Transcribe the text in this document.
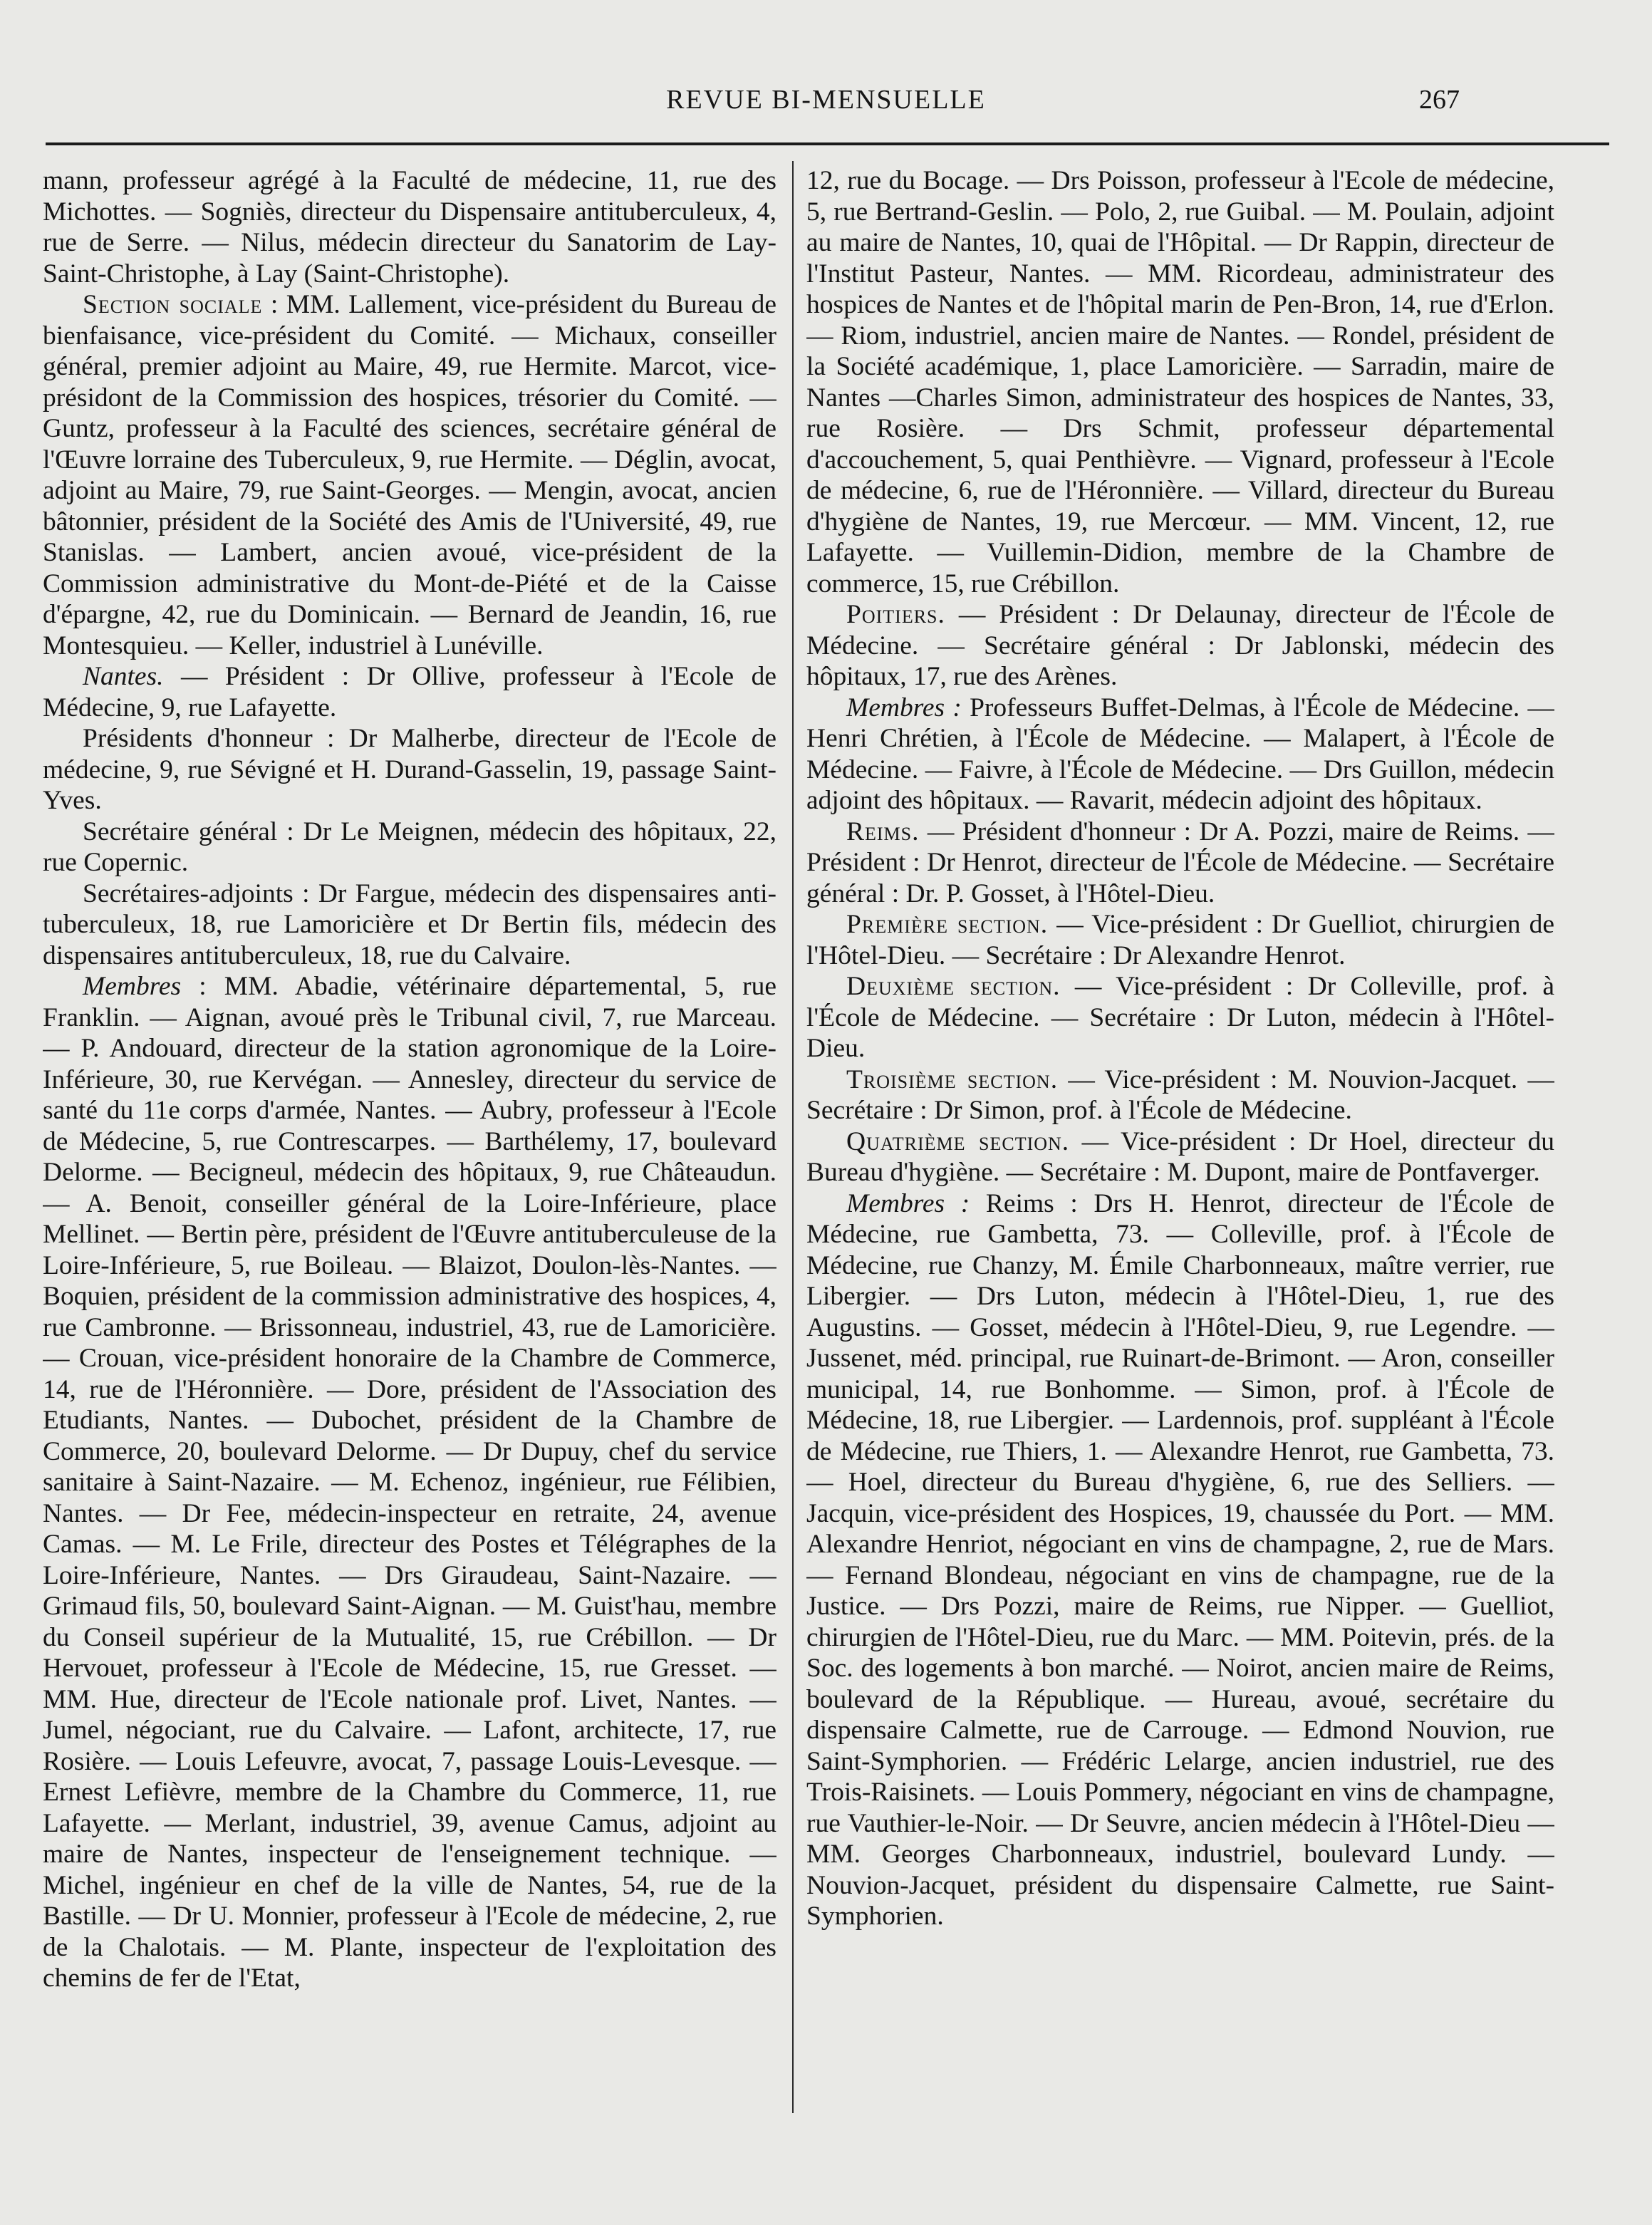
REVUE BI-MENSUELLE	267

mann, professeur agrégé à la Faculté de médecine, 11, rue des Michottes. — Sogniès, directeur du Dispensaire antituberculeux, 4, rue de Serre. — Nilus, médecin directeur du Sanatorim de Lay-Saint-Christophe, à Lay (Saint-Christophe).

Section sociale : MM. Lallement, vice-président du Bureau de bienfaisance, vice-président du Comité. — Michaux, conseiller général, premier adjoint au Maire, 49, rue Hermite. Marcot, vice-présidont de la Commission des hospices, trésorier du Comité. — Guntz, professeur à la Faculté des sciences, secrétaire général de l'Œuvre lorraine des Tuberculeux, 9, rue Hermite. — Déglin, avocat, adjoint au Maire, 79, rue Saint-Georges. — Mengin, avocat, ancien bâtonnier, président de la Société des Amis de l'Université, 49, rue Stanislas. — Lambert, ancien avoué, vice-président de la Commission administrative du Mont-de-Piété et de la Caisse d'épargne, 42, rue du Dominicain. — Bernard de Jeandin, 16, rue Montesquieu. — Keller, industriel à Lunéville.

Nantes. — Président : Dr Ollive, professeur à l'Ecole de Médecine, 9, rue Lafayette.

Présidents d'honneur : Dr Malherbe, directeur de l'Ecole de médecine, 9, rue Sévigné et H. Durand-Gasselin, 19, passage Saint-Yves.

Secrétaire général : Dr Le Meignen, médecin des hôpitaux, 22, rue Copernic.

Secrétaires-adjoints : Dr Fargue, médecin des dispensaires anti-tuberculeux, 18, rue Lamoricière et Dr Bertin fils, médecin des dispensaires antituberculeux, 18, rue du Calvaire.

Membres : MM. Abadie, vétérinaire départemental, 5, rue Franklin. — Aignan, avoué près le Tribunal civil, 7, rue Marceau. — P. Andouard, directeur de la station agronomique de la Loire-Inférieure, 30, rue Kervégan. — Annesley, directeur du service de santé du 11e corps d'armée, Nantes. — Aubry, professeur à l'Ecole de Médecine, 5, rue Contrescarpes. — Barthélemy, 17, boulevard Delorme. — Becigneul, médecin des hôpitaux, 9, rue Châteaudun. — A. Benoit, conseiller général de la Loire-Inférieure, place Mellinet. — Bertin père, président de l'Œuvre antituberculeuse de la Loire-Inférieure, 5, rue Boileau. — Blaizot, Doulon-lès-Nantes. — Boquien, président de la commission administrative des hospices, 4, rue Cambronne. — Brissonneau, industriel, 43, rue de Lamoricière. — Crouan, vice-président honoraire de la Chambre de Commerce, 14, rue de l'Héronnière. — Dore, président de l'Association des Etudiants, Nantes. — Dubochet, président de la Chambre de Commerce, 20, boulevard Delorme. — Dr Dupuy, chef du service sanitaire à Saint-Nazaire. — M. Echenoz, ingénieur, rue Félibien, Nantes. — Dr Fee, médecin-inspecteur en retraite, 24, avenue Camas. — M. Le Frile, directeur des Postes et Télégraphes de la Loire-Inférieure, Nantes. — Drs Giraudeau, Saint-Nazaire. — Grimaud fils, 50, boulevard Saint-Aignan. — M. Guist'hau, membre du Conseil supérieur de la Mutualité, 15, rue Crébillon. — Dr Hervouet, professeur à l'Ecole de Médecine, 15, rue Gresset. — MM. Hue, directeur de l'Ecole nationale prof. Livet, Nantes. — Jumel, négociant, rue du Calvaire. — Lafont, architecte, 17, rue Rosière. — Louis Lefeuvre, avocat, 7, passage Louis-Levesque. — Ernest Lefièvre, membre de la Chambre du Commerce, 11, rue Lafayette. — Merlant, industriel, 39, avenue Camus, adjoint au maire de Nantes, inspecteur de l'enseignement technique. — Michel, ingénieur en chef de la ville de Nantes, 54, rue de la Bastille. — Dr U. Monnier, professeur à l'Ecole de médecine, 2, rue de la Chalotais. — M. Plante, inspecteur de l'exploitation des chemins de fer de l'Etat,

12, rue du Bocage. — Drs Poisson, professeur à l'Ecole de médecine, 5, rue Bertrand-Geslin. — Polo, 2, rue Guibal. — M. Poulain, adjoint au maire de Nantes, 10, quai de l'Hôpital. — Dr Rappin, directeur de l'Institut Pasteur, Nantes. — MM. Ricordeau, administrateur des hospices de Nantes et de l'hôpital marin de Pen-Bron, 14, rue d'Erlon. — Riom, industriel, ancien maire de Nantes. — Rondel, président de la Société académique, 1, place Lamoricière. — Sarradin, maire de Nantes —Charles Simon, administrateur des hospices de Nantes, 33, rue Rosière. — Drs Schmit, professeur départemental d'accouchement, 5, quai Penthièvre. — Vignard, professeur à l'Ecole de médecine, 6, rue de l'Héronnière. — Villard, directeur du Bureau d'hygiène de Nantes, 19, rue Mercœur. — MM. Vincent, 12, rue Lafayette. — Vuillemin-Didion, membre de la Chambre de commerce, 15, rue Crébillon.

Poitiers. — Président : Dr Delaunay, directeur de l'École de Médecine. — Secrétaire général : Dr Jablonski, médecin des hôpitaux, 17, rue des Arènes.

Membres : Professeurs Buffet-Delmas, à l'École de Médecine. — Henri Chrétien, à l'École de Médecine. — Malapert, à l'École de Médecine. — Faivre, à l'École de Médecine. — Drs Guillon, médecin adjoint des hôpitaux. — Ravarit, médecin adjoint des hôpitaux.

Reims. — Président d'honneur : Dr A. Pozzi, maire de Reims. — Président : Dr Henrot, directeur de l'École de Médecine. — Secrétaire général : Dr. P. Gosset, à l'Hôtel-Dieu.

Première section. — Vice-président : Dr Guelliot, chirurgien de l'Hôtel-Dieu. — Secrétaire : Dr Alexandre Henrot.

Deuxième section. — Vice-président : Dr Colleville, prof. à l'École de Médecine. — Secrétaire : Dr Luton, médecin à l'Hôtel-Dieu.

Troisième section. — Vice-président : M. Nouvion-Jacquet. — Secrétaire : Dr Simon, prof. à l'École de Médecine.

Quatrième section. — Vice-président : Dr Hoel, directeur du Bureau d'hygiène. — Secrétaire : M. Dupont, maire de Pontfaverger.

Membres : Reims : Drs H. Henrot, directeur de l'École de Médecine, rue Gambetta, 73. — Colleville, prof. à l'École de Médecine, rue Chanzy, M. Émile Charbonneaux, maître verrier, rue Libergier. — Drs Luton, médecin à l'Hôtel-Dieu, 1, rue des Augustins. — Gosset, médecin à l'Hôtel-Dieu, 9, rue Legendre. — Jussenet, méd. principal, rue Ruinart-de-Brimont. — Aron, conseiller municipal, 14, rue Bonhomme. — Simon, prof. à l'École de Médecine, 18, rue Libergier. — Lardennois, prof. suppléant à l'École de Médecine, rue Thiers, 1. — Alexandre Henrot, rue Gambetta, 73. — Hoel, directeur du Bureau d'hygiène, 6, rue des Selliers. — Jacquin, vice-président des Hospices, 19, chaussée du Port. — MM. Alexandre Henriot, négociant en vins de champagne, 2, rue de Mars. — Fernand Blondeau, négociant en vins de champagne, rue de la Justice. — Drs Pozzi, maire de Reims, rue Nipper. — Guelliot, chirurgien de l'Hôtel-Dieu, rue du Marc. — MM. Poitevin, prés. de la Soc. des logements à bon marché. — Noirot, ancien maire de Reims, boulevard de la République. — Hureau, avoué, secrétaire du dispensaire Calmette, rue de Carrouge. — Edmond Nouvion, rue Saint-Symphorien. — Frédéric Lelarge, ancien industriel, rue des Trois-Raisinets. — Louis Pommery, négociant en vins de champagne, rue Vauthier-le-Noir. — Dr Seuvre, ancien médecin à l'Hôtel-Dieu — MM. Georges Charbonneaux, industriel, boulevard Lundy. — Nouvion-Jacquet, président du dispensaire Calmette, rue Saint-Symphorien.
